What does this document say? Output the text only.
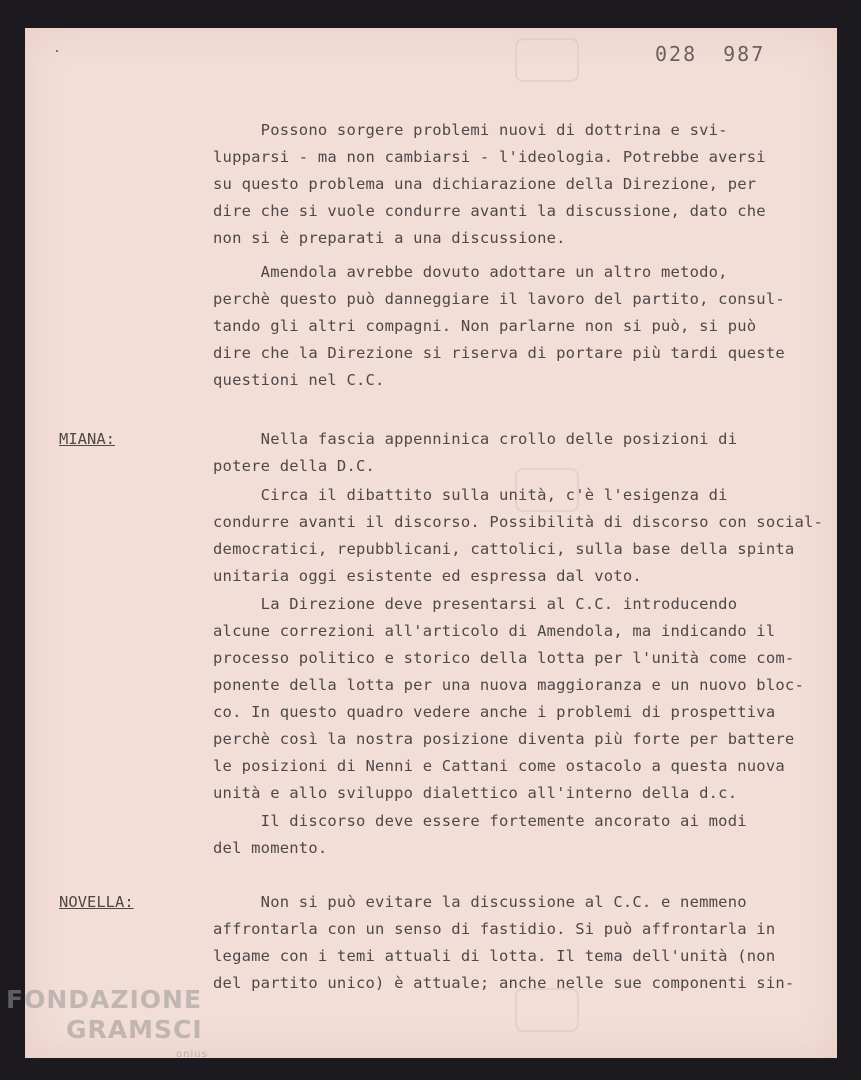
028 987
Possono sorgere problemi nuovi di dottrina e svi-
lupparsi - ma non cambiarsi - l'ideologia. Potrebbe aversi
su questo problema una dichiarazione della Direzione, per
dire che si vuole condurre avanti la discussione, dato che
non si è preparati a una discussione.
Amendola avrebbe dovuto adottare un altro metodo,
perchè questo può danneggiare il lavoro del partito, consul-
tando gli altri compagni. Non parlarne non si può, si può
dire che la Direzione si riserva di portare più tardi queste
questioni nel C.C.
MIANA:	Nella fascia appenninica crollo delle posizioni di
potere della D.C.
Circa il dibattito sulla unità, c'è l'esigenza di
condurre avanti il discorso. Possibilità di discorso con social-
democratici, repubblicani, cattolici, sulla base della spinta
unitaria oggi esistente ed espressa dal voto.
La Direzione deve presentarsi al C.C. introducendo
alcune correzioni all'articolo di Amendola, ma indicando il
processo politico e storico della lotta per l'unità come com-
ponente della lotta per una nuova maggioranza e un nuovo bloc-
co. In questo quadro vedere anche i problemi di prospettiva
perchè così la nostra posizione diventa più forte per battere
le posizioni di Nenni e Cattani come ostacolo a questa nuova
unità e allo sviluppo dialettico all'interno della d.c.
Il discorso deve essere fortemente ancorato ai modi
del momento.
NOVELLA:	Non si può evitare la discussione al C.C. e nemmeno
affrontarla con un senso di fastidio. Si può affrontarla in
legame con i temi attuali di lotta. Il tema dell'unità (non
del partito unico) è attuale; anche nelle sue componenti sin-
FONDAZIONE
GRAMSCI
onlus
